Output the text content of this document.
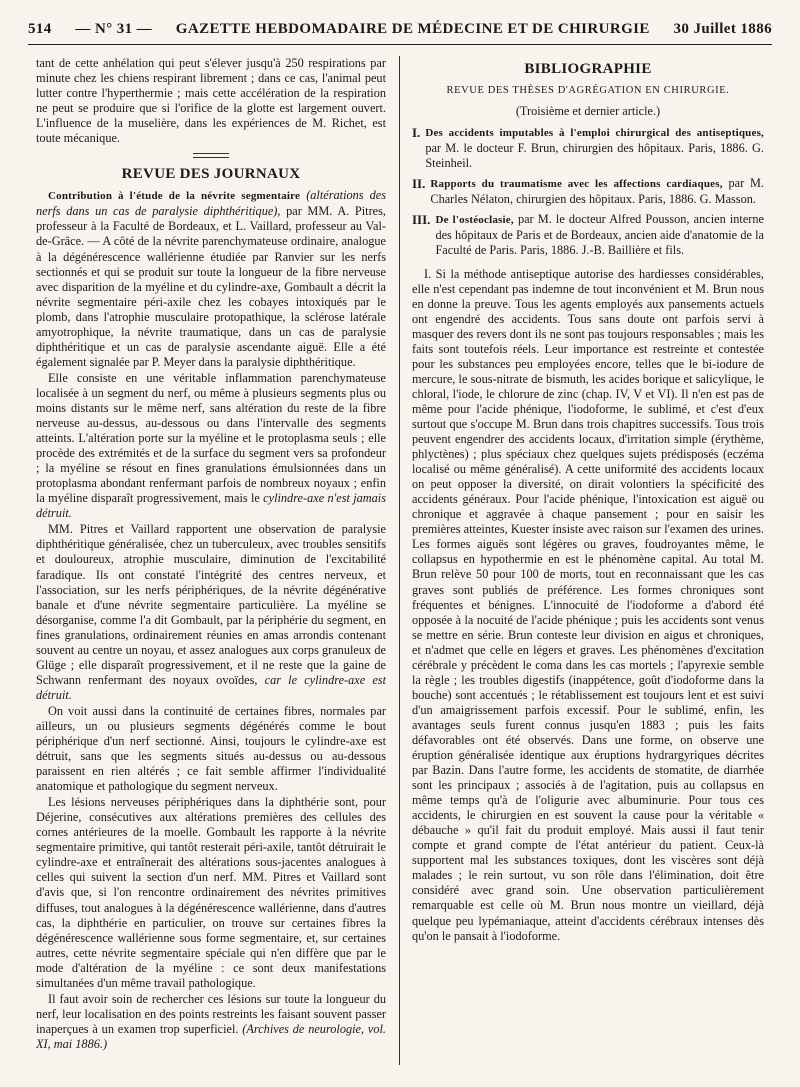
514 — N° 31 — GAZETTE HEBDOMADAIRE DE MÉDECINE ET DE CHIRURGIE 30 Juillet 1886

tant de cette anhélation qui peut s'élever jusqu'à 250 respirations par minute chez les chiens respirant librement ; dans ce cas, l'animal peut lutter contre l'hyperthermie ; mais cette accélération de la respiration ne peut se produire que si l'orifice de la glotte est largement ouvert. L'influence de la muselière, dans les expériences de M. Richet, est toute mécanique.

REVUE DES JOURNAUX

Contribution à l'étude de la névrite segmentaire (altérations des nerfs dans un cas de paralysie diphthéritique), par MM. A. Pitres, professeur à la Faculté de Bordeaux, et L. Vaillard, professeur au Val-de-Grâce. — A côté de la névrite parenchymateuse ordinaire, analogue à la dégénérescence wallérienne étudiée par Ranvier sur les nerfs sectionnés et qui se produit sur toute la longueur de la fibre nerveuse avec disparition de la myéline et du cylindre-axe, Gombault a décrit la névrite segmentaire péri-axile chez les cobayes intoxiqués par le plomb, dans l'atrophie musculaire protopathique, la sclérose latérale amyotrophique, la névrite traumatique, dans un cas de paralysie diphthéritique et un cas de paralysie ascendante aiguë. Elle a été également signalée par P. Meyer dans la paralysie diphthéritique.

Elle consiste en une véritable inflammation parenchymateuse localisée à un segment du nerf, ou même à plusieurs segments plus ou moins distants sur le même nerf, sans altération du reste de la fibre nerveuse au-dessus, au-dessous ou dans l'intervalle des segments atteints. L'altération porte sur la myéline et le protoplasma seuls ; elle procède des extrémités et de la surface du segment vers sa profondeur ; la myéline se résout en fines granulations émulsionnées dans un protoplasma abondant renfermant parfois de nombreux noyaux ; enfin la myéline disparaît progressivement, mais le cylindre-axe n'est jamais détruit.

MM. Pitres et Vaillard rapportent une observation de paralysie diphthéritique généralisée, chez un tuberculeux, avec troubles sensitifs et douloureux, atrophie musculaire, diminution de l'excitabilité faradique. Ils ont constaté l'intégrité des centres nerveux, et l'association, sur les nerfs périphériques, de la névrite dégénérative banale et d'une névrite segmentaire particulière. La myéline se désorganise, comme l'a dit Gombault, par la périphérie du segment, en fines granulations, ordinairement réunies en amas arrondis contenant souvent au centre un noyau, et assez analogues aux corps granuleux de Glüge ; elle disparaît progressivement, et il ne reste que la gaine de Schwann renfermant des noyaux ovoïdes, car le cylindre-axe est détruit.

On voit aussi dans la continuité de certaines fibres, normales par ailleurs, un ou plusieurs segments dégénérés comme le bout périphérique d'un nerf sectionné. Ainsi, toujours le cylindre-axe est détruit, sans que les segments situés au-dessus ou au-dessous paraissent en rien altérés ; ce fait semble affirmer l'individualité anatomique et pathologique du segment nerveux.

Les lésions nerveuses périphériques dans la diphthérie sont, pour Déjerine, consécutives aux altérations premières des cellules des cornes antérieures de la moelle. Gombault les rapporte à la névrite segmentaire primitive, qui tantôt resterait péri-axile, tantôt détruirait le cylindre-axe et entraînerait des altérations sous-jacentes analogues à celles qui suivent la section d'un nerf. MM. Pitres et Vaillard sont d'avis que, si l'on rencontre ordinairement des névrites primitives diffuses, tout analogues à la dégénérescence wallérienne, dans d'autres cas, la diphthérie en particulier, on trouve sur certaines fibres la dégénérescence wallérienne sous forme segmentaire, et, sur certaines autres, cette névrite segmentaire spéciale qui n'en diffère que par le mode d'altération de la myéline : ce sont deux manifestations simultanées d'un même travail pathologique.

Il faut avoir soin de rechercher ces lésions sur toute la longueur du nerf, leur localisation en des points restreints les faisant souvent passer inaperçues à un examen trop superficiel. (Archives de neurologie, vol. XI, mai 1886.)

BIBLIOGRAPHIE
REVUE DES THÈSES D'AGRÉGATION EN CHIRURGIE.
(Troisième et dernier article.)
I. Des accidents imputables à l'emploi chirurgical des antiseptiques, par M. le docteur F. Brun, chirurgien des hôpitaux. Paris, 1886. G. Steinheil.
II. Rapports du traumatisme avec les affections cardiaques, par M. Charles Nélaton, chirurgien des hôpitaux. Paris, 1886. G. Masson.
III. De l'ostéoclasie, par M. le docteur Alfred Pousson, ancien interne des hôpitaux de Paris et de Bordeaux, ancien aide d'anatomie de la Faculté de Paris. Paris, 1886. J.-B. Baillière et fils.

I. Si la méthode antiseptique autorise des hardiesses considérables, elle n'est cependant pas indemne de tout inconvénient et M. Brun nous en donne la preuve. Tous les agents employés aux pansements actuels ont engendré des accidents. Tous sans doute ont parfois servi à masquer des revers dont ils ne sont pas toujours responsables ; mais les faits sont toutefois réels. Leur importance est restreinte et contestée pour les substances peu employées encore, telles que le bi-iodure de mercure, le sous-nitrate de bismuth, les acides borique et salicylique, le chloral, l'iode, le chlorure de zinc (chap. IV, V et VI). Il n'en est pas de même pour l'acide phénique, l'iodoforme, le sublimé, et c'est d'eux surtout que s'occupe M. Brun dans trois chapitres successifs. Tous trois peuvent engendrer des accidents locaux, d'irritation simple (érythème, phlyctènes) ; plus spéciaux chez quelques sujets prédisposés (eczéma localisé ou même généralisé). A cette uniformité des accidents locaux on peut opposer la diversité, on dirait volontiers la spécificité des accidents généraux. Pour l'acide phénique, l'intoxication est aiguë ou chronique et aggravée à chaque pansement ; pour en saisir les premières atteintes, Kuester insiste avec raison sur l'examen des urines. Les formes aiguës sont légères ou graves, foudroyantes même, le collapsus en hypothermie en est le phénomène capital. Au total M. Brun relève 50 pour 100 de morts, tout en reconnaissant que les cas graves sont publiés de préférence. Les formes chroniques sont fréquentes et bénignes. L'innocuité de l'iodoforme a d'abord été opposée à la nocuité de l'acide phénique ; puis les accidents sont venus se mettre en série. Brun conteste leur division en aigus et chroniques, et n'admet que celle en légers et graves. Les phénomènes d'excitation cérébrale y précèdent le coma dans les cas mortels ; l'apyrexie semble la règle ; les troubles digestifs (inappétence, goût d'iodoforme dans la bouche) sont accentués ; le rétablissement est toujours lent et est suivi d'un amaigrissement parfois excessif. Pour le sublimé, enfin, les avantages seuls furent connus jusqu'en 1883 ; puis les faits défavorables ont été observés. Dans une forme, on observe une éruption généralisée identique aux éruptions hydrargyriques décrites par Bazin. Dans l'autre forme, les accidents de stomatite, de diarrhée sont les principaux ; associés à de l'agitation, puis au collapsus en même temps qu'à de l'oligurie avec albuminurie. Pour tous ces accidents, le chirurgien en est souvent la cause pour la véritable « débauche » qu'il fait du produit employé. Mais aussi il faut tenir compte et grand compte de l'état antérieur du patient. Ceux-là supportent mal les substances toxiques, dont les viscères sont déjà malades ; le rein surtout, vu son rôle dans l'élimination, doit être considéré avec grand soin. Une observation particulièrement remarquable est celle où M. Brun nous montre un vieillard, déjà quelque peu lypémaniaque, atteint d'accidents cérébraux intenses dès qu'on le pansait à l'iodoforme.
